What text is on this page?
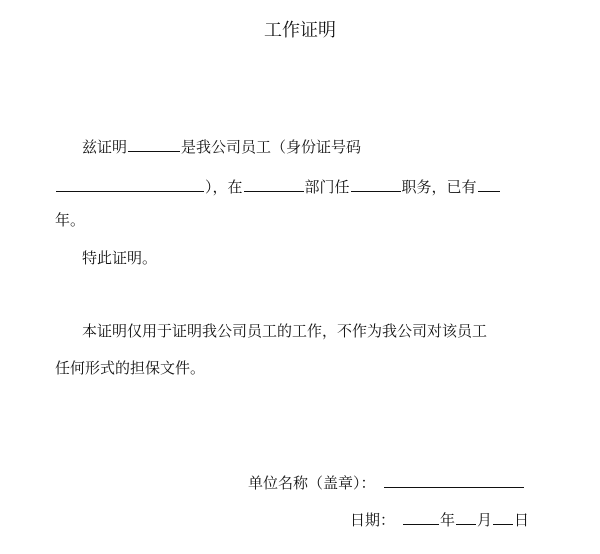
工作证明
兹证明	是我公司员工（身份证号码
），在	部门任	职务，已有
年。
特此证明。
本证明仅用于证明我公司员工的工作，不作为我公司对该员工
任何形式的担保文件。
单位名称（盖章）：
日期：	年 月 日
